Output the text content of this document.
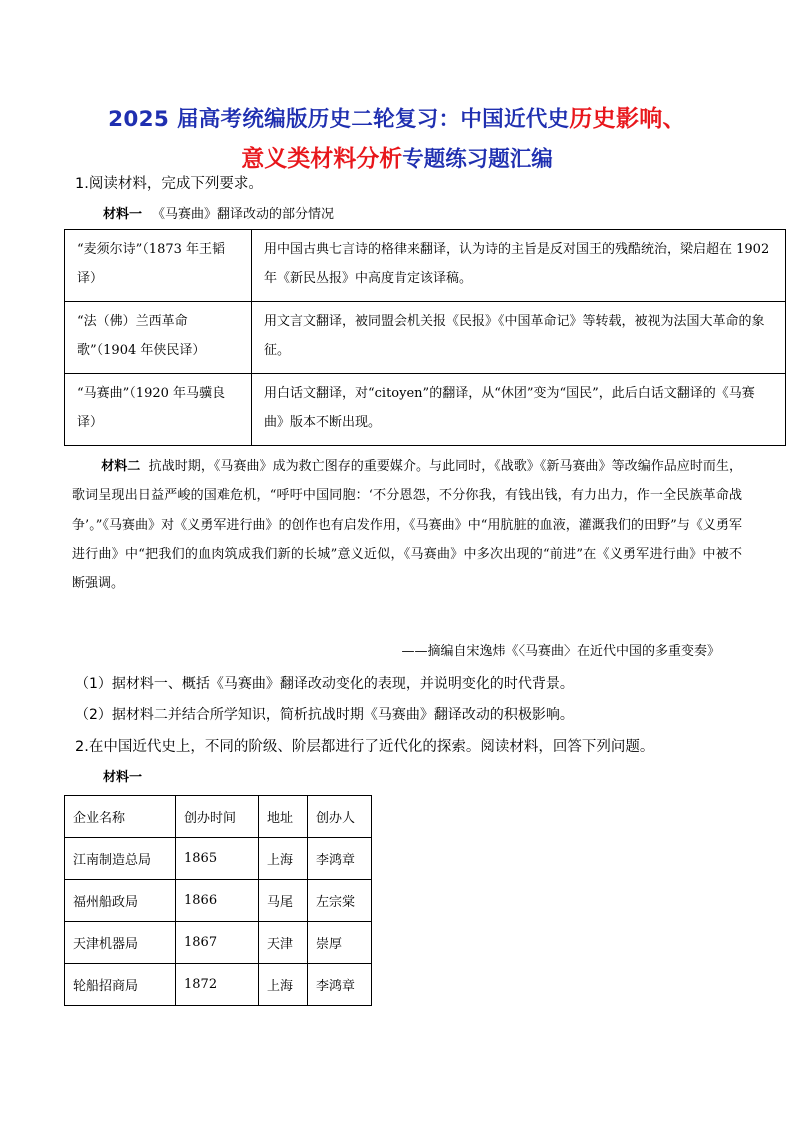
2025 届高考统编版历史二轮复习：中国近代史历史影响、
意义类材料分析专题练习题汇编
1.阅读材料，完成下列要求。
材料一 《马赛曲》翻译改动的部分情况
“麦须尔诗”（1873 年王韬译）	用中国古典七言诗的格律来翻译，认为诗的主旨是反对国王的残酷统治，梁启超在 1902 年《新民丛报》中高度肯定该译稿。
“法（佛）兰西革命歌”（1904 年侠民译）	用文言文翻译，被同盟会机关报《民报》《中国革命记》等转载，被视为法国大革命的象征。
“马赛曲”（1920 年马骥良译）	用白话文翻译，对“citoyen”的翻译，从“休团”变为“国民”，此后白话文翻译的《马赛曲》版本不断出现。
材料二 抗战时期，《马赛曲》成为救亡图存的重要媒介。与此同时，《战歌》《新马赛曲》等改编作品应时而生，歌词呈现出日益严峻的国难危机，“呼吁中国同胞：‘不分恩怨，不分你我，有钱出钱，有力出力，作一全民族革命战争’。”《马赛曲》对《义勇军进行曲》的创作也有启发作用，《马赛曲》中“用肮脏的血液，灌溉我们的田野”与《义勇军进行曲》中“把我们的血肉筑成我们新的长城”意义近似，《马赛曲》中多次出现的“前进”在《义勇军进行曲》中被不断强调。
——摘编自宋逸炜《〈马赛曲〉在近代中国的多重变奏》
（1）据材料一、概括《马赛曲》翻译改动变化的表现，并说明变化的时代背景。
（2）据材料二并结合所学知识，简析抗战时期《马赛曲》翻译改动的积极影响。
2.在中国近代史上，不同的阶级、阶层都进行了近代化的探索。阅读材料，回答下列问题。
材料一
企业名称	创办时间	地址	创办人
江南制造总局	1865	上海	李鸿章
福州船政局	1866	马尾	左宗棠
天津机器局	1867	天津	崇厚
轮船招商局	1872	上海	李鸿章
